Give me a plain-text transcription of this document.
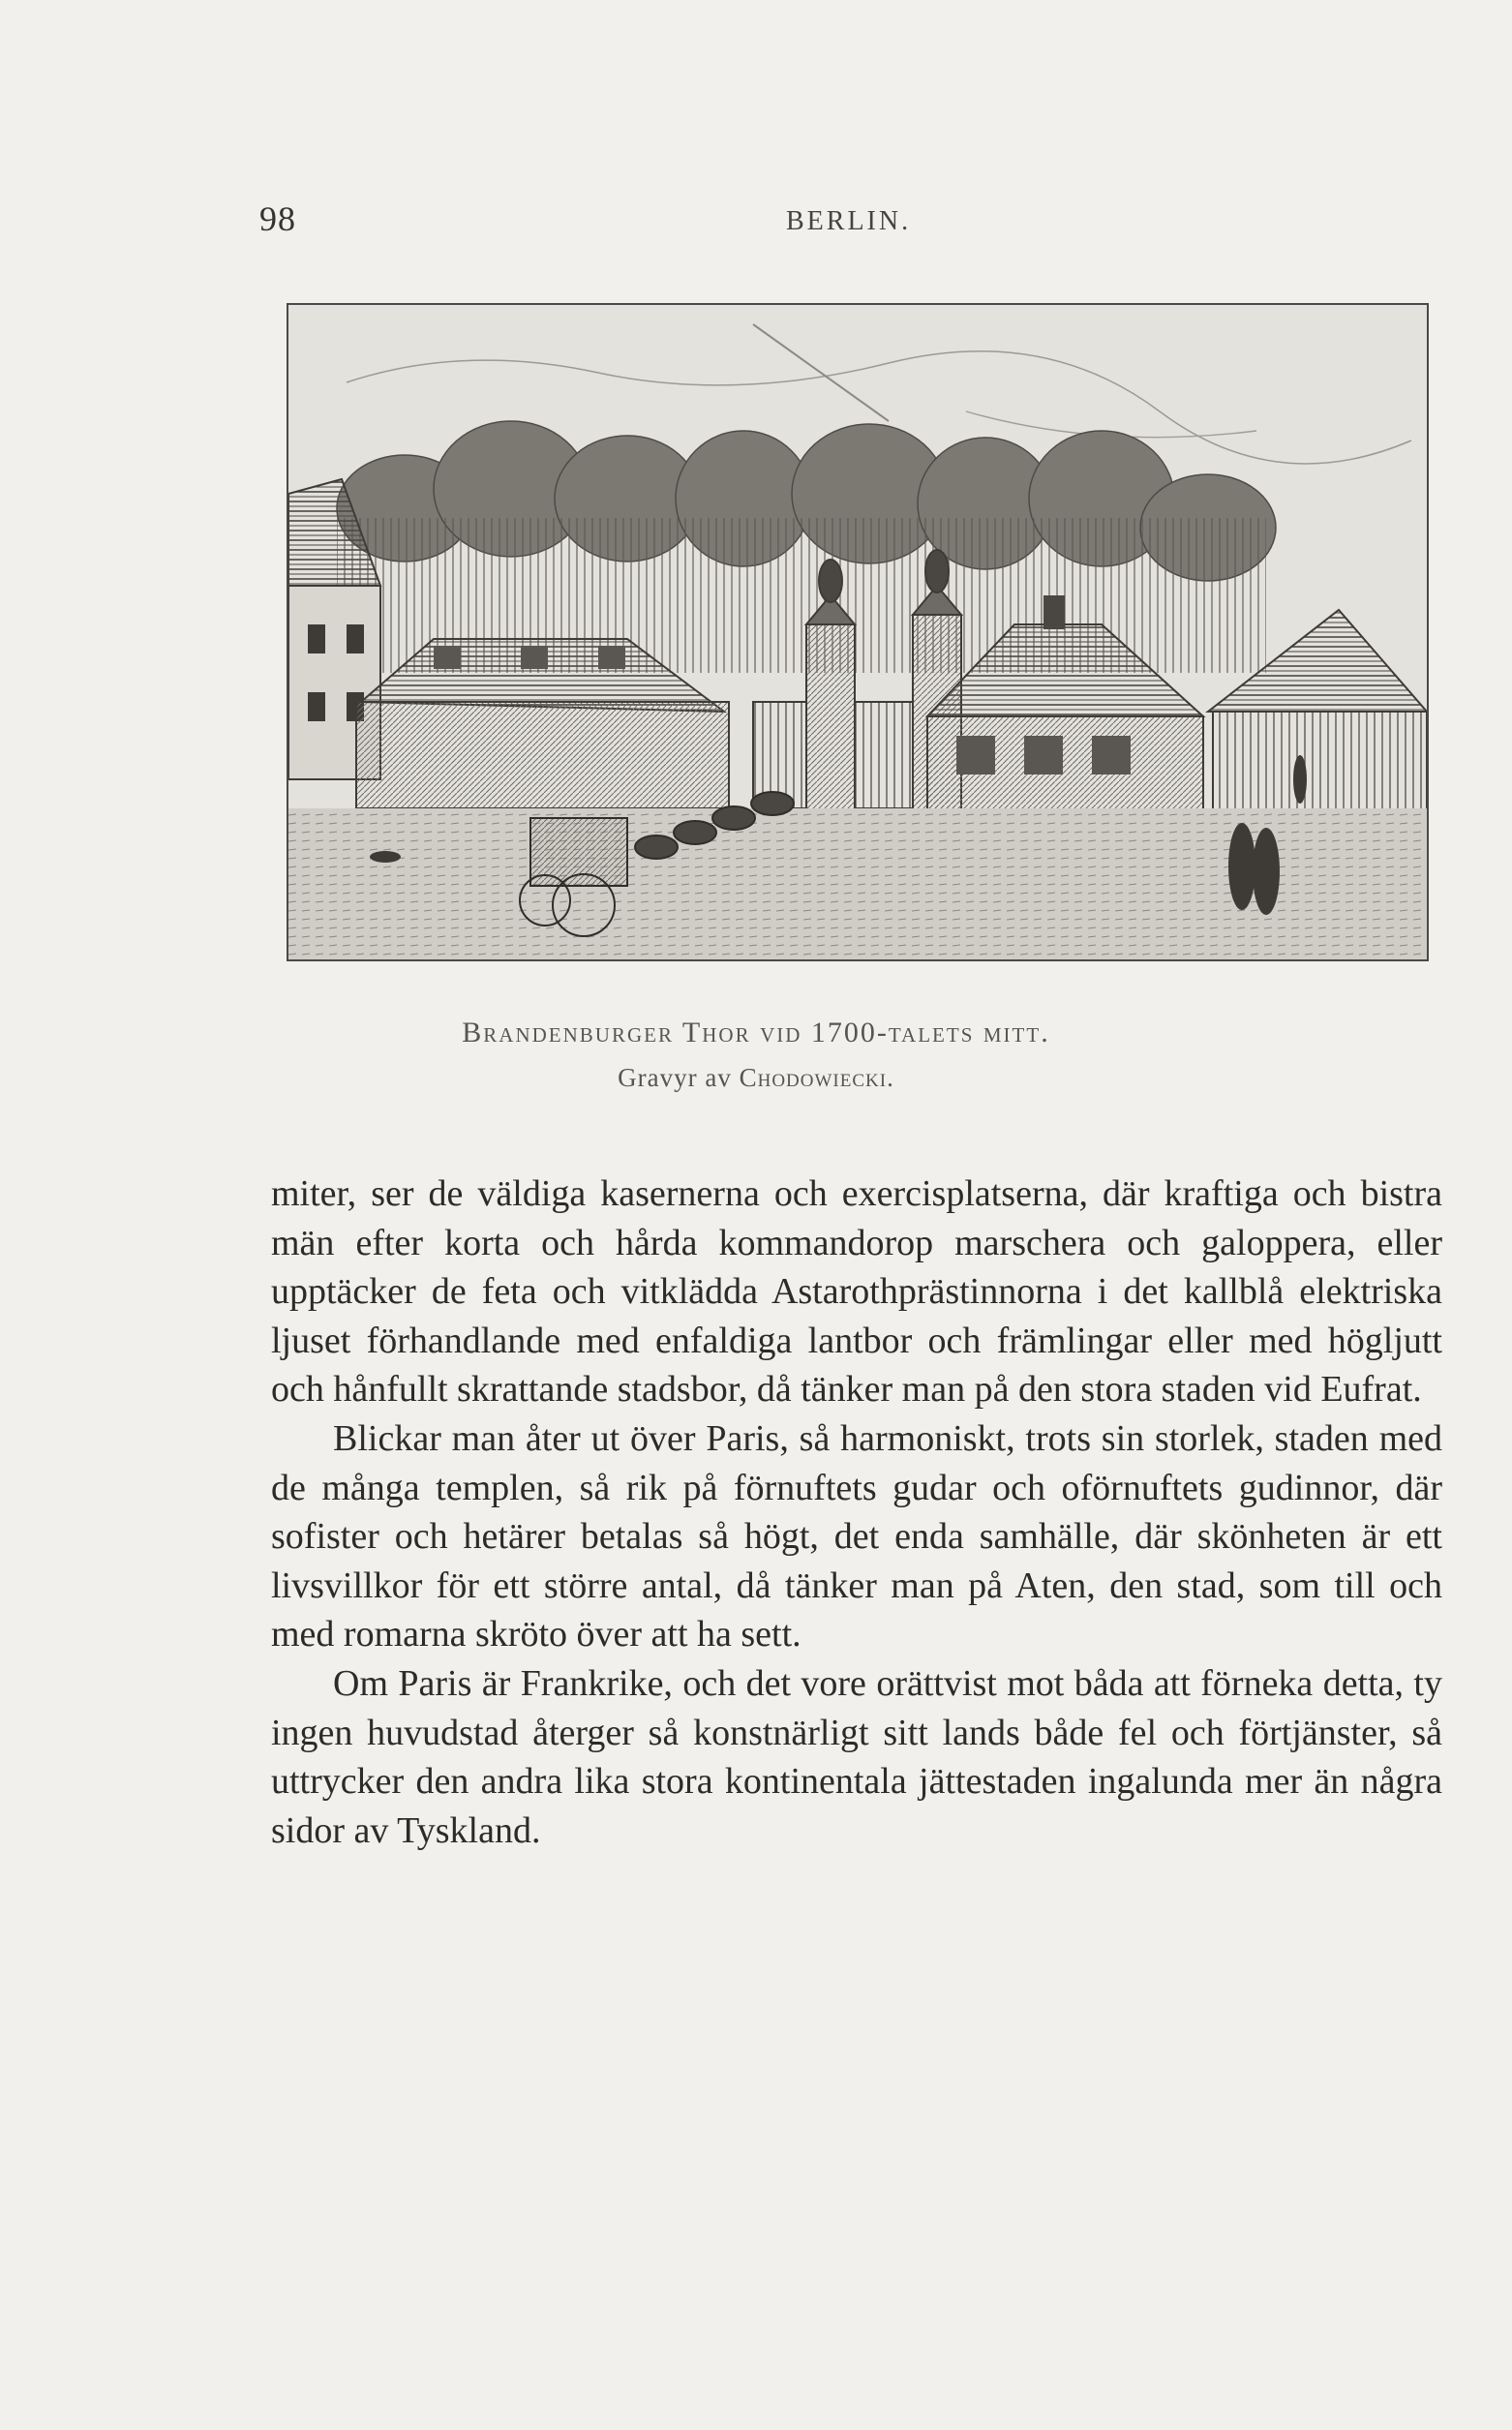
98	BERLIN.
Brandenburger Thor vid 1700-talets mitt.
Gravyr av Chodowiecki.

miter, ser de väldiga kasernerna och exercisplatserna, där kraftiga och bistra män efter korta och hårda kommandorop marschera och galoppera, eller upptäcker de feta och vitklädda Astarothprästinnorna i det kallblå elektriska ljuset förhandlande med enfaldiga lantbor och främlingar eller med högljutt och hånfullt skrattande stadsbor, då tänker man på den stora staden vid Eufrat.

Blickar man åter ut över Paris, så harmoniskt, trots sin storlek, staden med de många templen, så rik på förnuftets gudar och oförnuftets gudinnor, där sofister och hetärer betalas så högt, det enda samhälle, där skönheten är ett livsvillkor för ett större antal, då tänker man på Aten, den stad, som till och med romarna skröto över att ha sett.

Om Paris är Frankrike, och det vore orättvist mot båda att förneka detta, ty ingen huvudstad återger så konstnärligt sitt lands både fel och förtjänster, så uttrycker den andra lika stora kontinentala jättestaden ingalunda mer än några sidor av Tyskland.
